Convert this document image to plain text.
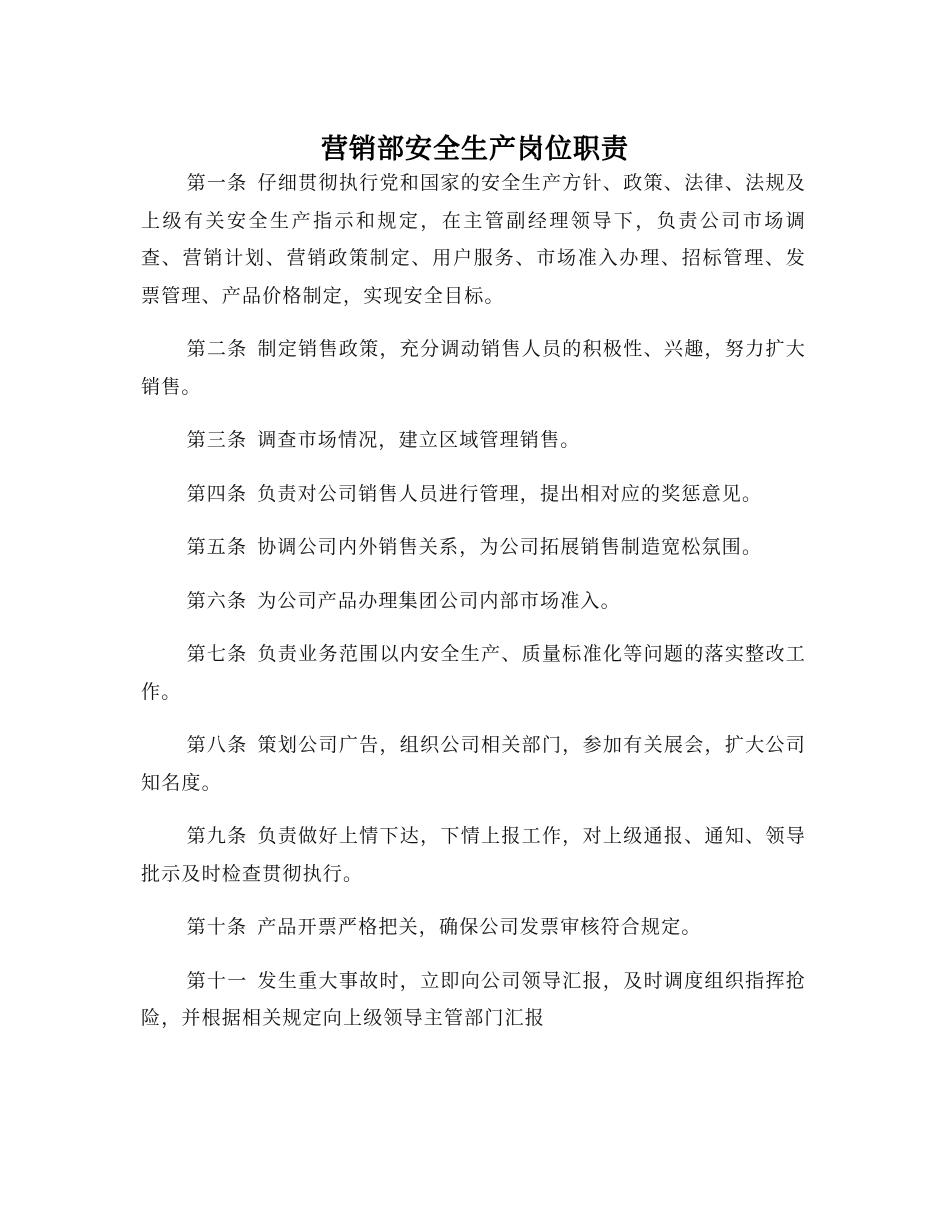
营销部安全生产岗位职责

第一条 仔细贯彻执行党和国家的安全生产方针、政策、法律、法规及上级有关安全生产指示和规定，在主管副经理领导下，负责公司市场调查、营销计划、营销政策制定、用户服务、市场准入办理、招标管理、发票管理、产品价格制定，实现安全目标。

第二条 制定销售政策，充分调动销售人员的积极性、兴趣，努力扩大销售。

第三条 调查市场情况，建立区域管理销售。

第四条 负责对公司销售人员进行管理，提出相对应的奖惩意见。

第五条 协调公司内外销售关系，为公司拓展销售制造宽松氛围。

第六条 为公司产品办理集团公司内部市场准入。

第七条 负责业务范围以内安全生产、质量标准化等问题的落实整改工作。

第八条 策划公司广告，组织公司相关部门，参加有关展会，扩大公司知名度。

第九条 负责做好上情下达，下情上报工作，对上级通报、通知、领导批示及时检查贯彻执行。

第十条 产品开票严格把关，确保公司发票审核符合规定。

第十一 发生重大事故时，立即向公司领导汇报，及时调度组织指挥抢险，并根据相关规定向上级领导主管部门汇报
